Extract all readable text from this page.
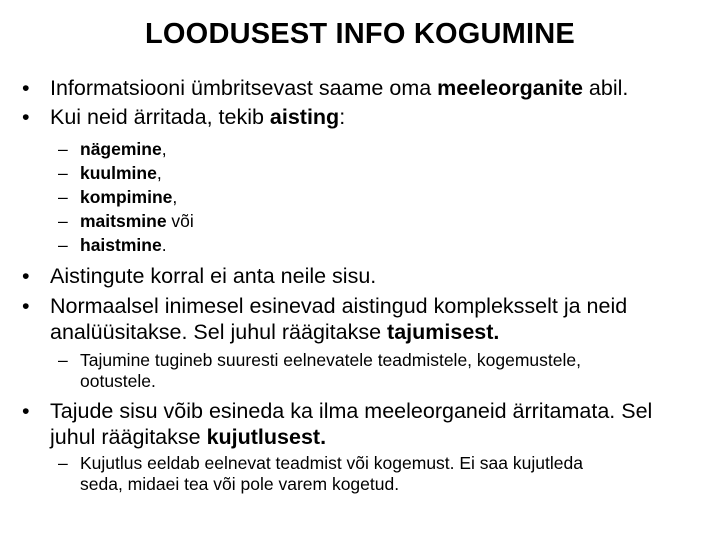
LOODUSEST INFO KOGUMINE
• Informatsiooni ümbritsevast saame oma meeleorganite abil.
• Kui neid ärritada, tekib aisting:
– nägemine,
– kuulmine,
– kompimine,
– maitsmine või
– haistmine.
• Aistingute korral ei anta neile sisu.
• Normaalsel inimesel esinevad aistingud kompleksselt ja neid
analüüsitakse. Sel juhul räägitakse tajumisest.
– Tajumine tugineb suuresti eelnevatele teadmistele, kogemustele,
ootustele.
• Tajude sisu võib esineda ka ilma meeleorganeid ärritamata. Sel
juhul räägitakse kujutlusest.
– Kujutlus eeldab eelnevat teadmist või kogemust. Ei saa kujutleda
seda, midaei tea või pole varem kogetud.
